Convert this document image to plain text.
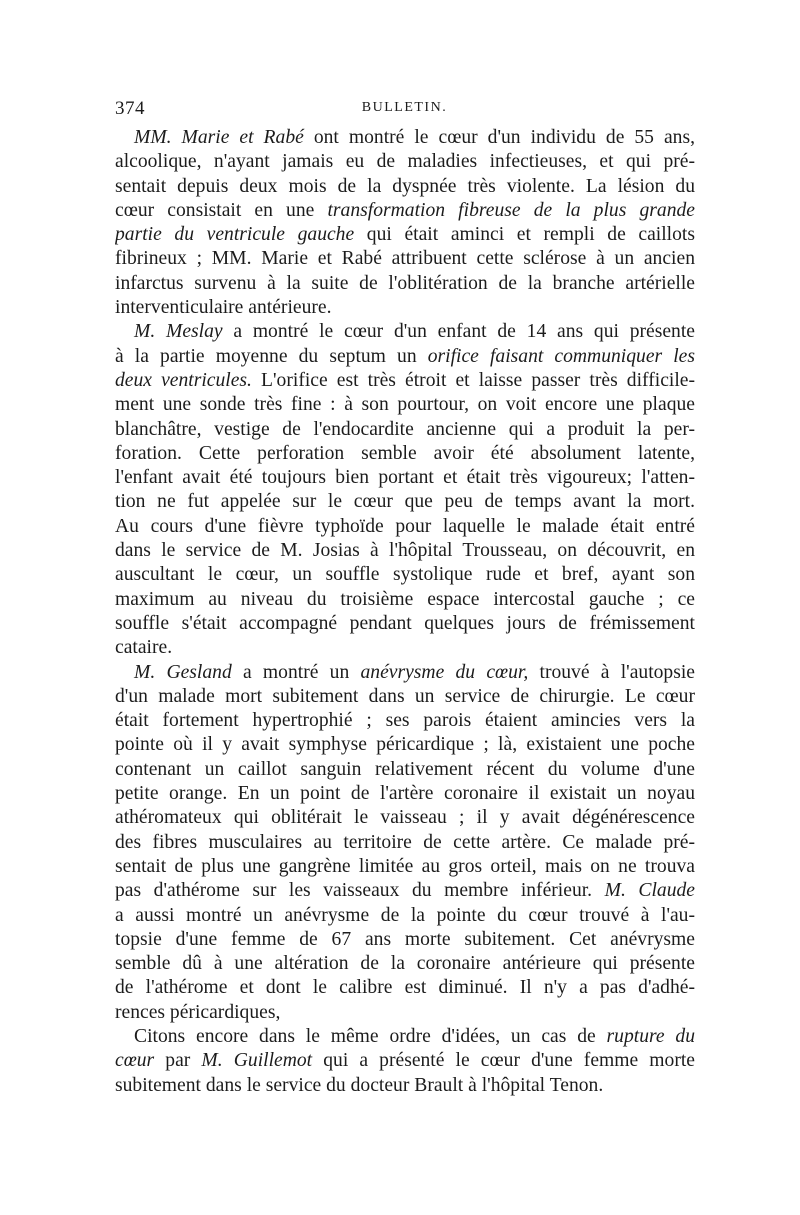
374	BULLETIN.
MM. Marie et Rabé ont montré le cœur d'un individu de 55 ans,
alcoolique, n'ayant jamais eu de maladies infectieuses, et qui pré-
sentait depuis deux mois de la dyspnée très violente. La lésion du
cœur consistait en une transformation fibreuse de la plus grande
partie du ventricule gauche qui était aminci et rempli de caillots
fibrineux ; MM. Marie et Rabé attribuent cette sclérose à un ancien
infarctus survenu à la suite de l'oblitération de la branche artérielle
interventiculaire antérieure.
M. Meslay a montré le cœur d'un enfant de 14 ans qui présente
à la partie moyenne du septum un orifice faisant communiquer les
deux ventricules. L'orifice est très étroit et laisse passer très difficile-
ment une sonde très fine : à son pourtour, on voit encore une plaque
blanchâtre, vestige de l'endocardite ancienne qui a produit la per-
foration. Cette perforation semble avoir été absolument latente,
l'enfant avait été toujours bien portant et était très vigoureux; l'atten-
tion ne fut appelée sur le cœur que peu de temps avant la mort.
Au cours d'une fièvre typhoïde pour laquelle le malade était entré
dans le service de M. Josias à l'hôpital Trousseau, on découvrit, en
auscultant le cœur, un souffle systolique rude et bref, ayant son
maximum au niveau du troisième espace intercostal gauche ; ce
souffle s'était accompagné pendant quelques jours de frémissement
cataire.
M. Gesland a montré un anévrysme du cœur, trouvé à l'autopsie
d'un malade mort subitement dans un service de chirurgie. Le cœur
était fortement hypertrophié ; ses parois étaient amincies vers la
pointe où il y avait symphyse péricardique ; là, existaient une poche
contenant un caillot sanguin relativement récent du volume d'une
petite orange. En un point de l'artère coronaire il existait un noyau
athéromateux qui oblitérait le vaisseau ; il y avait dégénérescence
des fibres musculaires au territoire de cette artère. Ce malade pré-
sentait de plus une gangrène limitée au gros orteil, mais on ne trouva
pas d'athérome sur les vaisseaux du membre inférieur. M. Claude
a aussi montré un anévrysme de la pointe du cœur trouvé à l'au-
topsie d'une femme de 67 ans morte subitement. Cet anévrysme
semble dû à une altération de la coronaire antérieure qui présente
de l'athérome et dont le calibre est diminué. Il n'y a pas d'adhé-
rences péricardiques,
Citons encore dans le même ordre d'idées, un cas de rupture du
cœur par M. Guillemot qui a présenté le cœur d'une femme morte
subitement dans le service du docteur Brault à l'hôpital Tenon.
